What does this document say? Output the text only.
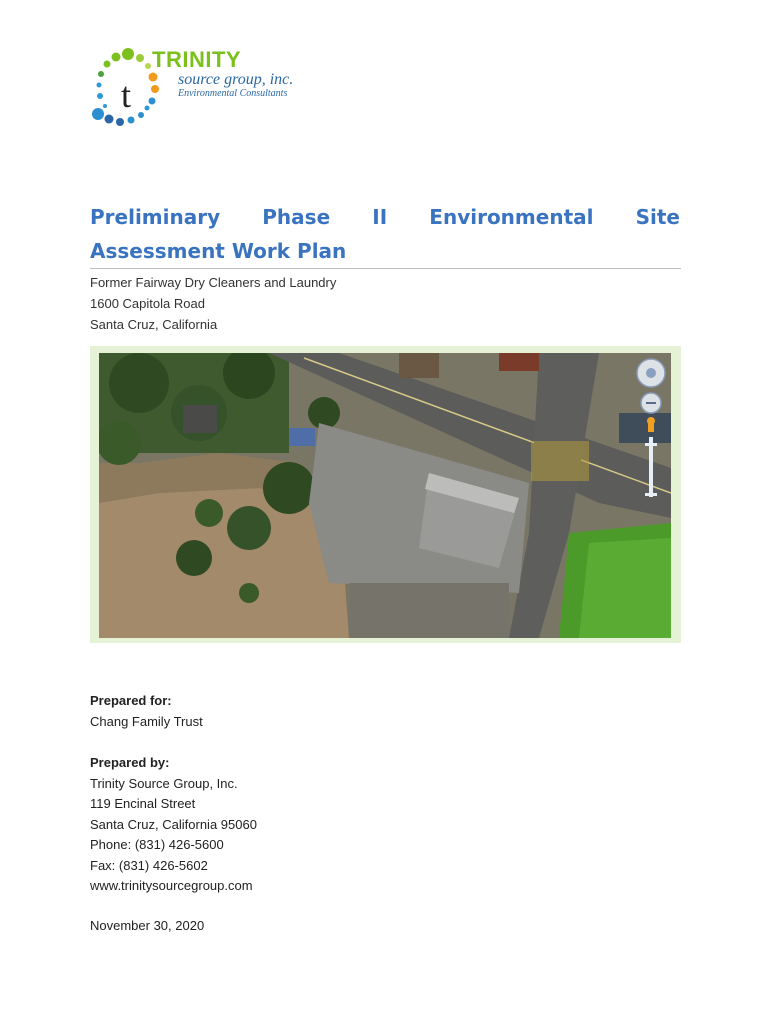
t
TRINITY
source group, inc.
Environmental Consultants
Preliminary Phase II Environmental Site Assessment Work Plan
Former Fairway Dry Cleaners and Laundry
1600 Capitola Road
Santa Cruz, California
Prepared for:
Chang Family Trust
Prepared by:
Trinity Source Group, Inc.
119 Encinal Street
Santa Cruz, California 95060
Phone: (831) 426-5600
Fax: (831) 426-5602
www.trinitysourcegroup.com
November 30, 2020
